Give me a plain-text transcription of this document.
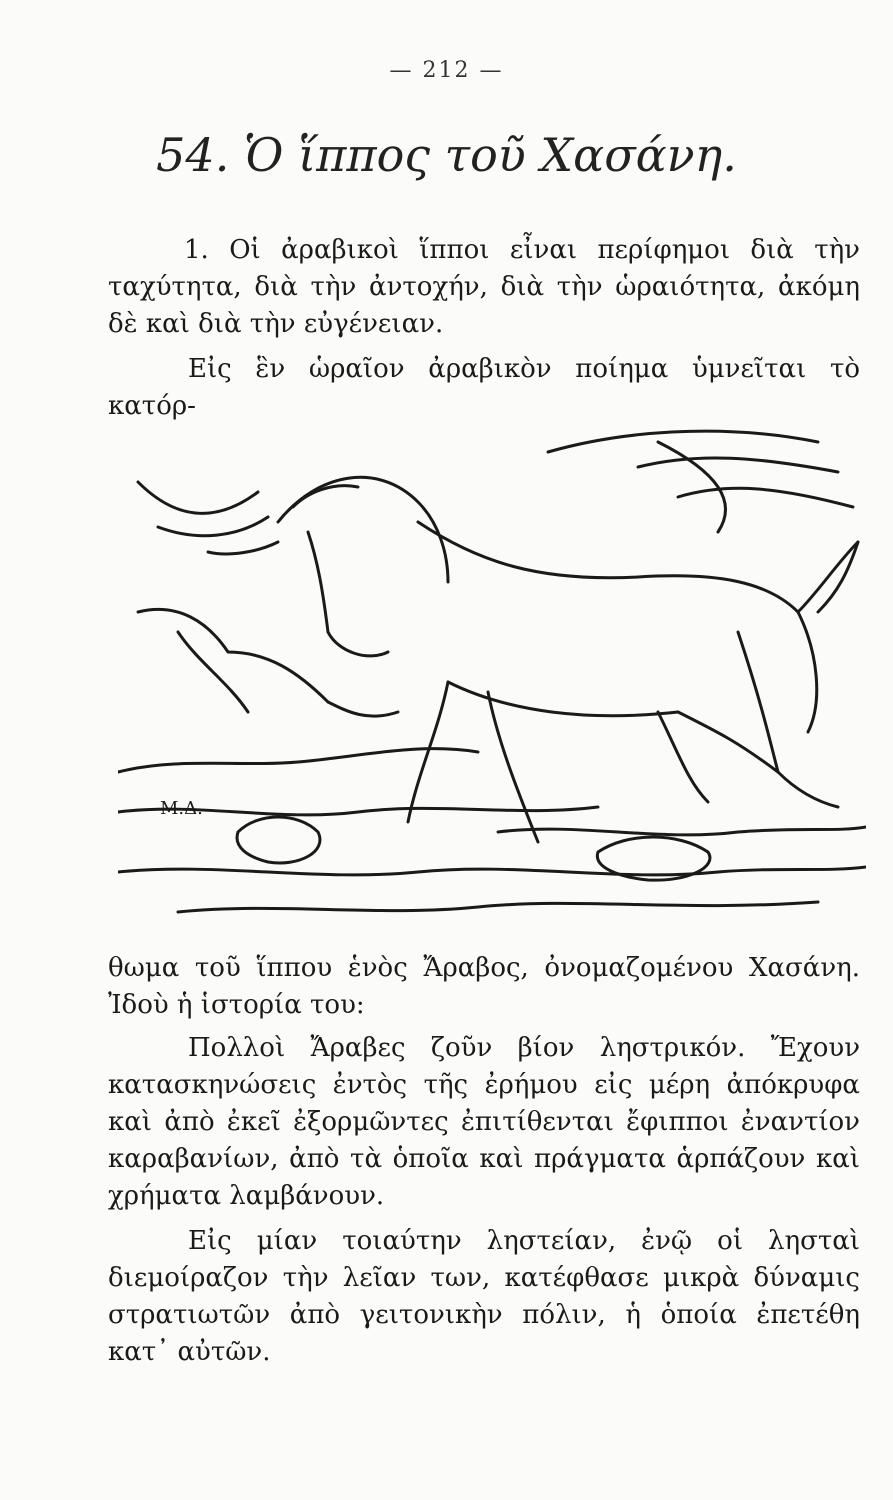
— 212 —
54. Ὁ ἵππος τοῦ Χασάνη.

1. Οἱ ἀραβικοὶ ἵπποι εἶναι περίφημοι διὰ τὴν ταχύτητα, διὰ τὴν ἀντοχήν, διὰ τὴν ὡραιότητα, ἀκόμη δὲ καὶ διὰ τὴν εὐγένειαν.

Εἰς ἓν ὡραῖον ἀραβικὸν ποίημα ὑμνεῖται τὸ κατόρ-

Μ.Δ.

θωμα τοῦ ἵππου ἑνὸς Ἄραβος, ὀνομαζομένου Χασάνη. Ἰδοὺ ἡ ἱστορία του:

Πολλοὶ Ἄραβες ζοῦν βίον ληστρικόν. Ἔχουν κατασκηνώσεις ἐντὸς τῆς ἐρήμου εἰς μέρη ἀπόκρυφα καὶ ἀπὸ ἐκεῖ ἐξορμῶντες ἐπιτίθενται ἔφιπποι ἐναντίον καραβανίων, ἀπὸ τὰ ὁποῖα καὶ πράγματα ἁρπάζουν καὶ χρήματα λαμβάνουν.

Εἰς μίαν τοιαύτην ληστείαν, ἐνῷ οἱ λησταὶ διεμοίραζον τὴν λεῖαν των, κατέφθασε μικρὰ δύναμις στρατιωτῶν ἀπὸ γειτονικὴν πόλιν, ἡ ὁποία ἐπετέθη κατ᾽ αὐτῶν.
